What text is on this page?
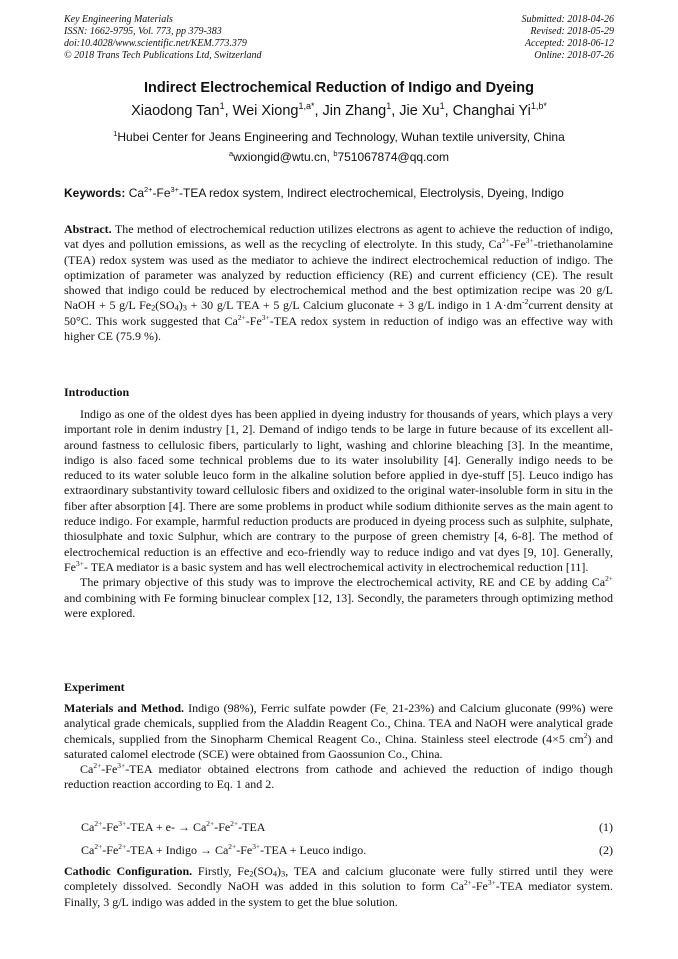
Key Engineering Materials
ISSN: 1662-9795, Vol. 773, pp 379-383
doi:10.4028/www.scientific.net/KEM.773.379
© 2018 Trans Tech Publications Ltd, Switzerland
Submitted: 2018-04-26
Revised: 2018-05-29
Accepted: 2018-06-12
Online: 2018-07-26
Indirect Electrochemical Reduction of Indigo and Dyeing
Xiaodong Tan$^1$, Wei Xiong$^{1,a*}$, Jin Zhang$^1$, Jie Xu$^1$, Changhai $Yi^{1,b*}$
$^1$Hubei Center for Jeans Engineering and Technology, Wuhan textile university, China
$^a$wxiongid@wtu.cn, $^b$751067874@qq.com
Keywords: $Ca^{2+}-Fe^{3+}$-TEA redox system, Indirect electrochemical, Electrolysis, Dyeing, Indigo

Abstract. The method of electrochemical reduction utilizes electrons as agent to achieve the reduction of indigo, vat dyes and pollution emissions, as well as the recycling of electrolyte. In this study, $Ca^{2+}-Fe^{3+}$-triethanolamine (TEA) redox system was used as the mediator to achieve the indirect electrochemical reduction of indigo. The optimization of parameter was analyzed by reduction efficiency (RE) and current efficiency (CE). The result showed that indigo could be reduced by electrochemical method and the best optimization recipe was 20 g/L NaOH + 5 g/L $Fe_2(SO_4)_3 + 30$ g/L TEA + 5 g/L Calcium gluconate + 3 g/L indigo in 1 $A\cdot dm^{-2}current$ density at 50°C. This work suggested that $Ca^{2+}-Fe^{3+}$-TEA redox system in reduction of indigo was an effective way with higher CE (75.9 %).

Introduction

Indigo as one of the oldest dyes has been applied in dyeing industry for thousands of years, which plays a very important role in denim industry [1, 2]. Demand of indigo tends to be large in future because of its excellent all-around fastness to cellulosic fibers, particularly to light, washing and chlorine bleaching [3]. In the meantime, indigo is also faced some technical problems due to its water insolubility [4]. Generally indigo needs to be reduced to its water soluble leuco form in the alkaline solution before applied in dye-stuff [5]. Leuco indigo has extraordinary substantivity toward cellulosic fibers and oxidized to the original water-insoluble form in situ in the fiber after absorption [4]. There are some problems in product while sodium dithionite serves as the main agent to reduce indigo. For example, harmful reduction products are produced in dyeing process such as sulphite, sulphate, thiosulphate and toxic Sulphur, which are contrary to the purpose of green chemistry [4, 6-8]. The method of electrochemical reduction is an effective and eco-friendly way to reduce indigo and vat dyes [9, 10]. Generally, $Fe^{3+}-$ TEA mediator is a basic system and has well electrochemical activity in electrochemical reduction [11].

The primary objective of this study was to improve the electrochemical activity, RE and CE by adding $Ca^{2+}$ and combining with Fe forming binuclear complex [12, 13]. Secondly, the parameters through optimizing method were explored.

Experiment

Materials and Method. Indigo (98%), Ferric sulfate powder ($Fe_,$ 21-23%) and Calcium gluconate (99%) were analytical grade chemicals, supplied from the Aladdin Reagent Co., China. TEA and NaOH were analytical grade chemicals, supplied from the Sinopharm Chemical Reagent Co., China. Stainless steel electrode (4×5 $cm^2$) and saturated calomel electrode (SCE) were obtained from Gaossunion Co., China.

$Ca^{2+}-Fe^{3+}$-TEA mediator obtained electrons from cathode and achieved the reduction of indigo though reduction reaction according to Eq. 1 and 2.

$Ca^{2+}-Fe^{3+}$-TEA + $e- \to Ca^{2+}-Fe^{2+}$-TEA	(1)
$Ca^{2+}-Fe^{2+}$-TEA + Indigo → $Ca^{2+}-Fe^{3+}$-TEA + Leuco indigo.	(2)

Cathodic Configuration. Firstly, $Fe_2(SO_4)_3$, TEA and calcium gluconate were fully stirred until they were completely dissolved. Secondly NaOH was added in this solution to form $Ca^{2+}-Fe^{3+}$-TEA mediator system. Finally, 3 g/L indigo was added in the system to get the blue solution.
